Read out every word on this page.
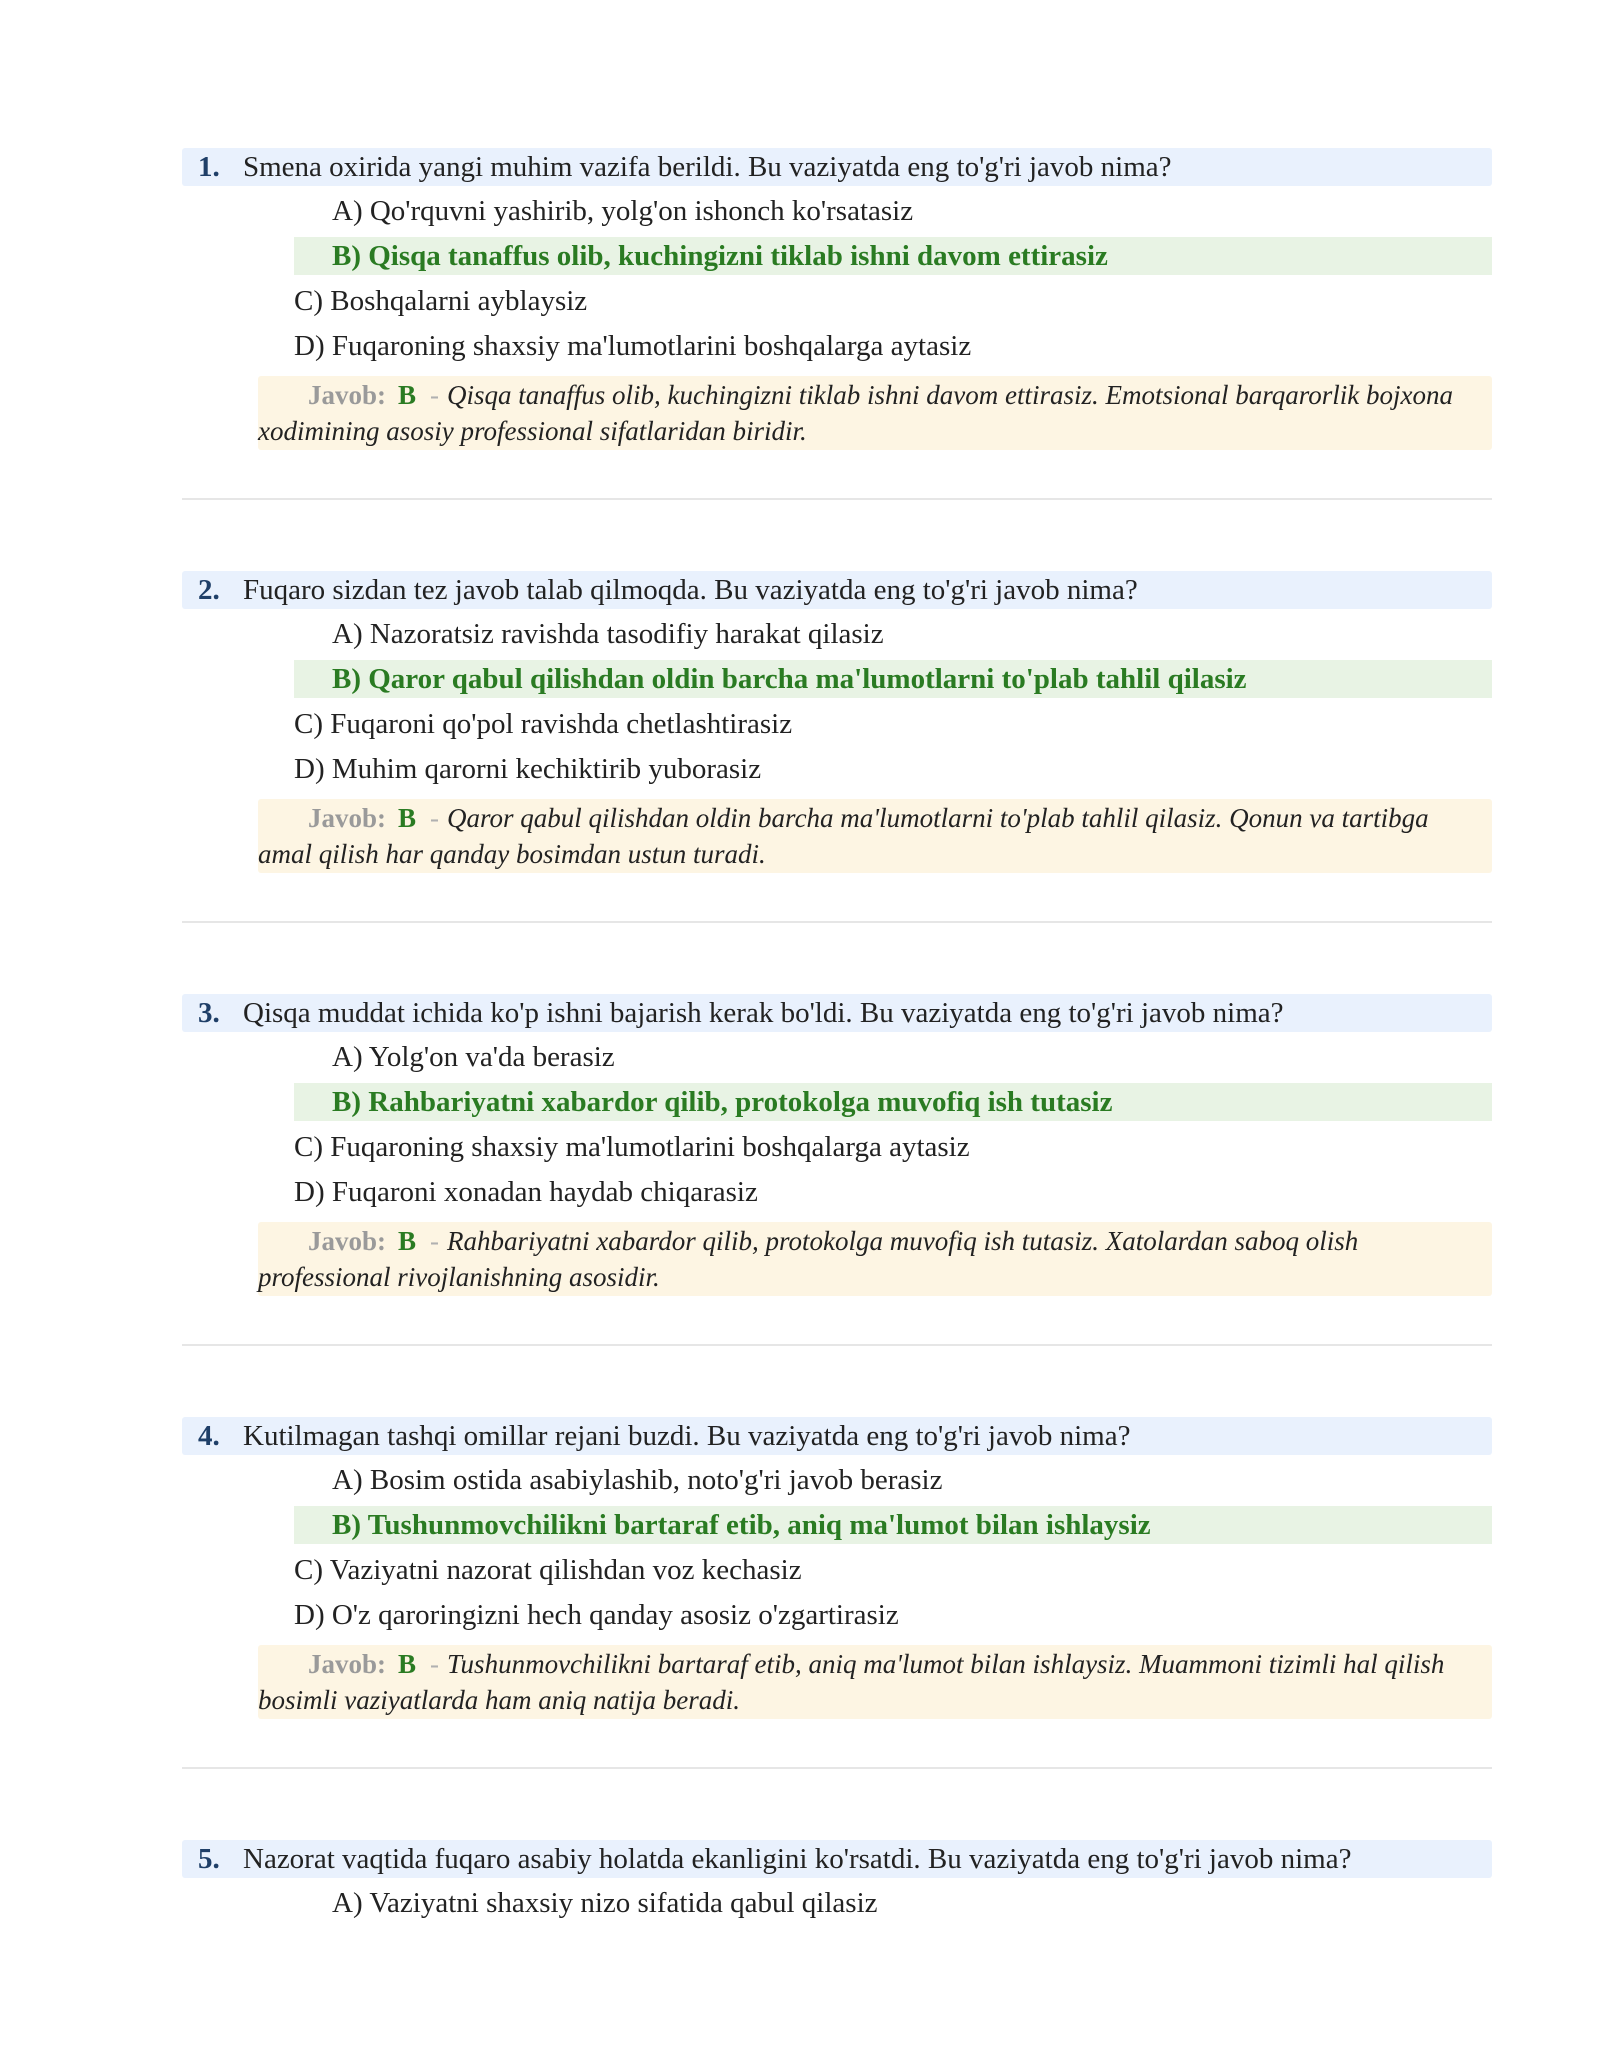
1. Smena oxirida yangi muhim vazifa berildi. Bu vaziyatda eng to'g'ri javob nima?
A) Qo'rquvni yashirib, yolg'on ishonch ko'rsatasiz
B) Qisqa tanaffus olib, kuchingizni tiklab ishni davom ettirasiz
C) Boshqalarni ayblaysiz
D) Fuqaroning shaxsiy ma'lumotlarini boshqalarga aytasiz
Javob: B - Qisqa tanaffus olib, kuchingizni tiklab ishni davom ettirasiz. Emotsional barqarorlik bojxona xodimining asosiy professional sifatlaridan biridir.
2. Fuqaro sizdan tez javob talab qilmoqda. Bu vaziyatda eng to'g'ri javob nima?
A) Nazoratsiz ravishda tasodifiy harakat qilasiz
B) Qaror qabul qilishdan oldin barcha ma'lumotlarni to'plab tahlil qilasiz
C) Fuqaroni qo'pol ravishda chetlashtirasiz
D) Muhim qarorni kechiktirib yuborasiz
Javob: B - Qaror qabul qilishdan oldin barcha ma'lumotlarni to'plab tahlil qilasiz. Qonun va tartibga amal qilish har qanday bosimdan ustun turadi.
3. Qisqa muddat ichida ko'p ishni bajarish kerak bo'ldi. Bu vaziyatda eng to'g'ri javob nima?
A) Yolg'on va'da berasiz
B) Rahbariyatni xabardor qilib, protokolga muvofiq ish tutasiz
C) Fuqaroning shaxsiy ma'lumotlarini boshqalarga aytasiz
D) Fuqaroni xonadan haydab chiqarasiz
Javob: B - Rahbariyatni xabardor qilib, protokolga muvofiq ish tutasiz. Xatolardan saboq olish professional rivojlanishning asosidir.
4. Kutilmagan tashqi omillar rejani buzdi. Bu vaziyatda eng to'g'ri javob nima?
A) Bosim ostida asabiylashib, noto'g'ri javob berasiz
B) Tushunmovchilikni bartaraf etib, aniq ma'lumot bilan ishlaysiz
C) Vaziyatni nazorat qilishdan voz kechasiz
D) O'z qaroringizni hech qanday asosiz o'zgartirasiz
Javob: B - Tushunmovchilikni bartaraf etib, aniq ma'lumot bilan ishlaysiz. Muammoni tizimli hal qilish bosimli vaziyatlarda ham aniq natija beradi.
5. Nazorat vaqtida fuqaro asabiy holatda ekanligini ko'rsatdi. Bu vaziyatda eng to'g'ri javob nima?
A) Vaziyatni shaxsiy nizo sifatida qabul qilasiz
